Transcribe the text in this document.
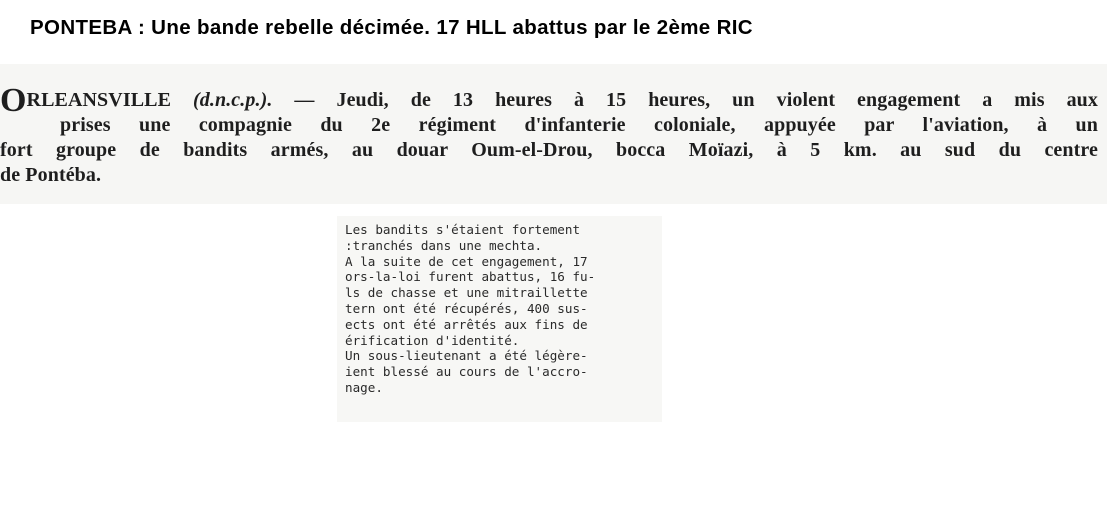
PONTEBA : Une bande rebelle décimée. 17 HLL abattus par le 2ème RIC

ORLEANSVILLE (d.n.c.p.). — Jeudi, de 13 heures à 15 heures, un violent engagement a mis aux
prises une compagnie du 2e régiment d'infanterie coloniale, appuyée par l'aviation, à un
fort groupe de bandits armés, au douar Oum-el-Drou, bocca Moïazi, à 5 km. au sud du centre
de Pontéba.

Les bandits s'étaient fortement
:tranchés dans une mechta.
A la suite de cet engagement, 17
ors-la-loi furent abattus, 16 fu-
ls de chasse et une mitraillette
tern ont été récupérés, 400 sus-
ects ont été arrêtés aux fins de
érification d'identité.
Un sous-lieutenant a été légère-
ient blessé au cours de l'accro-
nage.
